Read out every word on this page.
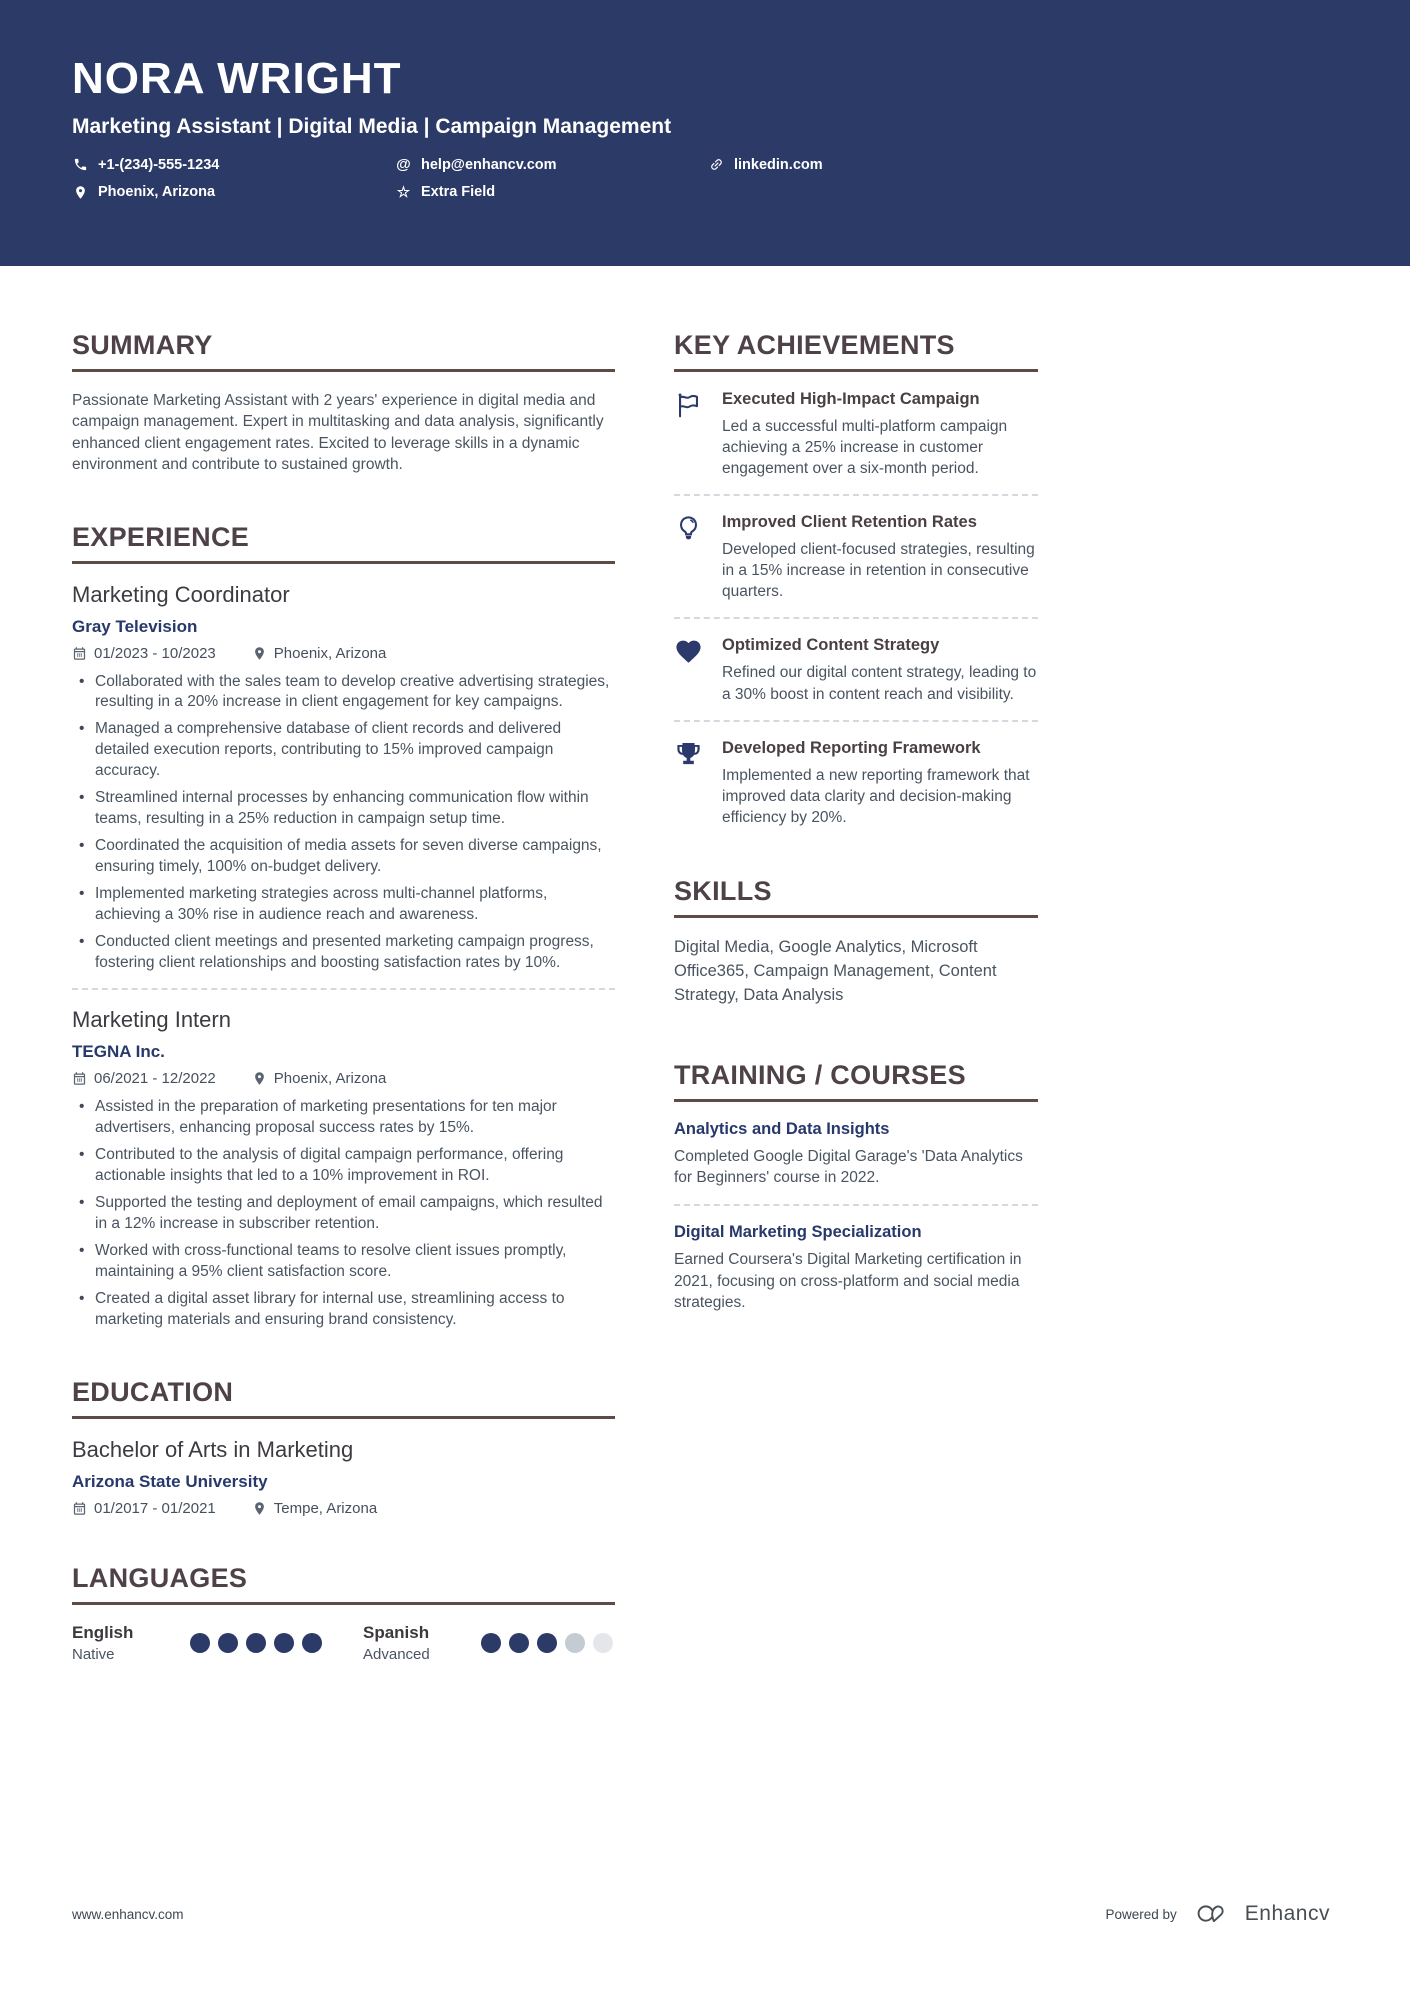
NORA WRIGHT
Marketing Assistant | Digital Media | Campaign Management
+1-(234)-555-1234	@ help@enhancv.com	linkedin.com
Phoenix, Arizona	☆ Extra Field
SUMMARY
Passionate Marketing Assistant with 2 years' experience in digital media and campaign management. Expert in multitasking and data analysis, significantly enhanced client engagement rates. Excited to leverage skills in a dynamic environment and contribute to sustained growth.
EXPERIENCE
Marketing Coordinator
Gray Television
01/2023 - 10/2023	Phoenix, Arizona
• Collaborated with the sales team to develop creative advertising strategies, resulting in a 20% increase in client engagement for key campaigns.
• Managed a comprehensive database of client records and delivered detailed execution reports, contributing to 15% improved campaign accuracy.
• Streamlined internal processes by enhancing communication flow within teams, resulting in a 25% reduction in campaign setup time.
• Coordinated the acquisition of media assets for seven diverse campaigns, ensuring timely, 100% on-budget delivery.
• Implemented marketing strategies across multi-channel platforms, achieving a 30% rise in audience reach and awareness.
• Conducted client meetings and presented marketing campaign progress, fostering client relationships and boosting satisfaction rates by 10%.
Marketing Intern
TEGNA Inc.
06/2021 - 12/2022	Phoenix, Arizona
• Assisted in the preparation of marketing presentations for ten major advertisers, enhancing proposal success rates by 15%.
• Contributed to the analysis of digital campaign performance, offering actionable insights that led to a 10% improvement in ROI.
• Supported the testing and deployment of email campaigns, which resulted in a 12% increase in subscriber retention.
• Worked with cross-functional teams to resolve client issues promptly, maintaining a 95% client satisfaction score.
• Created a digital asset library for internal use, streamlining access to marketing materials and ensuring brand consistency.
EDUCATION
Bachelor of Arts in Marketing
Arizona State University
01/2017 - 01/2021	Tempe, Arizona
LANGUAGES
English
Native
Spanish
Advanced
KEY ACHIEVEMENTS
Executed High-Impact Campaign
Led a successful multi-platform campaign achieving a 25% increase in customer engagement over a six-month period.
Improved Client Retention Rates
Developed client-focused strategies, resulting in a 15% increase in retention in consecutive quarters.
Optimized Content Strategy
Refined our digital content strategy, leading to a 30% boost in content reach and visibility.
Developed Reporting Framework
Implemented a new reporting framework that improved data clarity and decision-making efficiency by 20%.
SKILLS
Digital Media, Google Analytics, Microsoft Office365, Campaign Management, Content Strategy, Data Analysis
TRAINING / COURSES
Analytics and Data Insights
Completed Google Digital Garage's 'Data Analytics for Beginners' course in 2022.
Digital Marketing Specialization
Earned Coursera's Digital Marketing certification in 2021, focusing on cross-platform and social media strategies.
www.enhancv.com	Powered by	Enhancv
